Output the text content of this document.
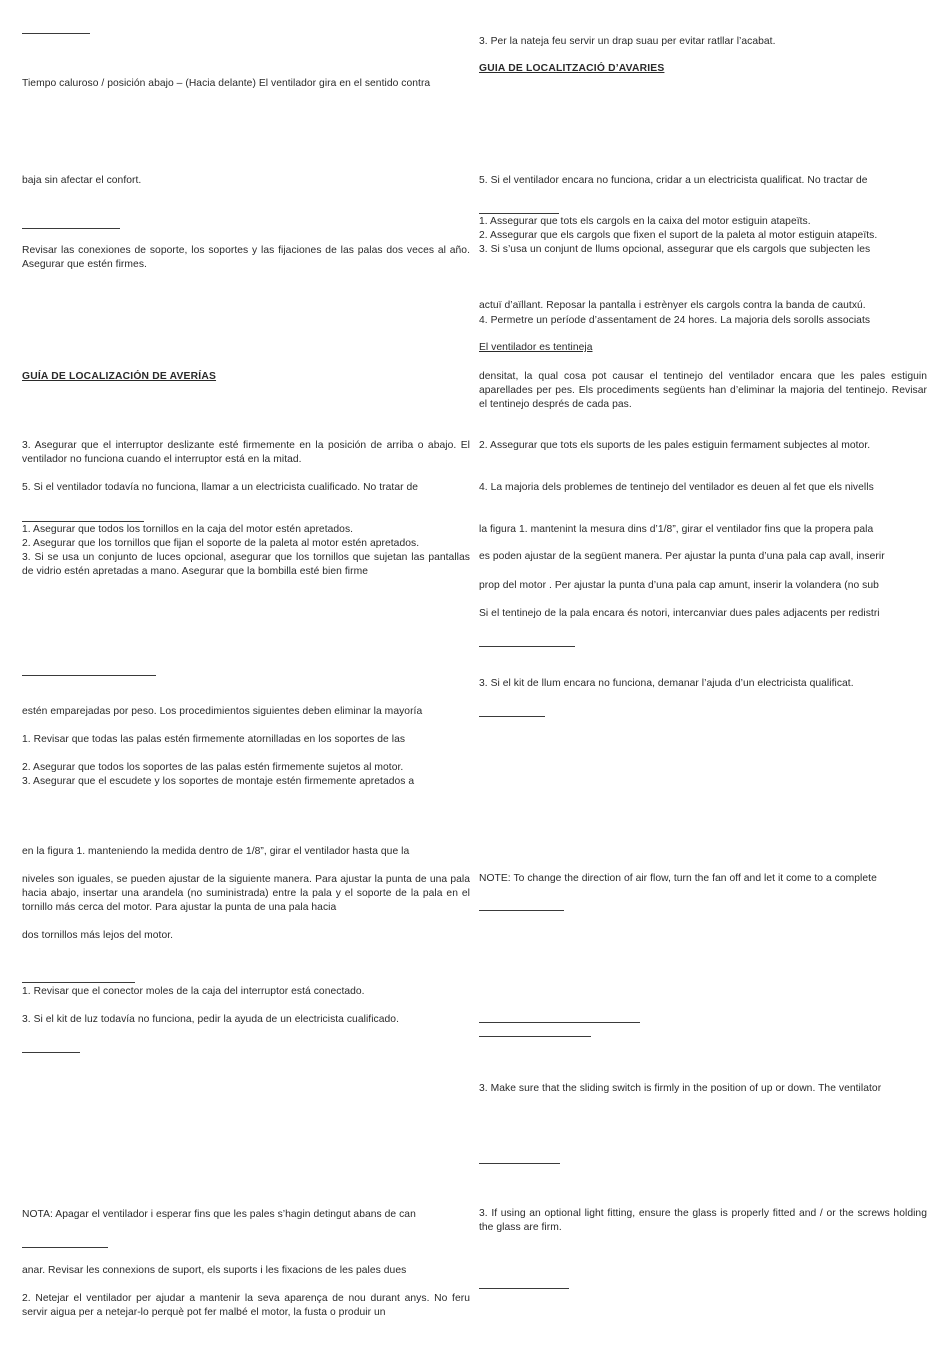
Tiempo caluroso / posición abajo – (Hacia delante) El ventilador gira en el sentido contra
baja sin afectar el confort.
Revisar las conexiones de soporte, los soportes y las fijaciones de las palas dos veces al año. Asegurar que estén firmes.
GUÍA DE LOCALIZACIÓN DE AVERÍAS
3. Asegurar que el interruptor deslizante esté firmemente en la posición de arriba o abajo. El ventilador no funciona cuando el interruptor está en la mitad.
5. Si el ventilador todavía no funciona, llamar a un electricista cualificado. No tratar de
1. Asegurar que todos los tornillos en la caja del motor estén apretados.
2. Asegurar que los tornillos que fijan el soporte de la paleta al motor estén apretados.
3. Si se usa un conjunto de luces opcional, asegurar que los tornillos que sujetan las pantallas de vidrio estén apretadas a mano. Asegurar que la bombilla esté bien firme
estén emparejadas por peso. Los procedimientos siguientes deben eliminar la mayoría
1. Revisar que todas las palas estén firmemente atornilladas en los soportes de las
2. Asegurar que todos los soportes de las palas estén firmemente sujetos al motor.
3. Asegurar que el escudete y los soportes de montaje estén firmemente apretados a
en la figura 1. manteniendo la medida dentro de 1/8”, girar el ventilador hasta que la
niveles son iguales, se pueden ajustar de la siguiente manera. Para ajustar la punta de una pala hacia abajo, insertar una arandela (no suministrada) entre la pala y el soporte de la pala en el tornillo más cerca del motor. Para ajustar la punta de una pala hacia
dos tornillos más lejos del motor.
1. Revisar que el conector moles de la caja del interruptor está conectado.
3. Si el kit de luz todavía no funciona, pedir la ayuda de un electricista cualificado.
NOTA: Apagar el ventilador i esperar fins que les pales s’hagin detingut abans de can
anar. Revisar les connexions de suport, els suports i les fixacions de les pales dues
2. Netejar el ventilador per ajudar a mantenir la seva aparença de nou durant anys. No feru servir aigua per a netejar-lo perquè pot fer malbé el motor, la fusta o produir un
3. Per la nateja feu servir un drap suau per evitar ratllar l’acabat.
GUIA DE LOCALITZACIÓ D’AVARIES
5. Si el ventilador encara no funciona, cridar a un electricista qualificat. No tractar de
1. Assegurar que tots els cargols en la caixa del motor estiguin atapeïts.
2. Assegurar que els cargols que fixen el suport de la paleta al motor estiguin atapeïts.
3. Si s’usa un conjunt de llums opcional, assegurar que els cargols que subjecten les
actuï d’aïllant. Reposar la pantalla i estrènyer els cargols contra la banda de cautxú.
4. Permetre un període d’assentament de 24 hores. La majoria dels sorolls associats
El ventilador es tentineja
densitat, la qual cosa pot causar el tentinejo del ventilador encara que les pales estiguin aparellades per pes. Els procediments següents han d’eliminar la majoria del tentinejo. Revisar el tentinejo després de cada pas.
2. Assegurar que tots els suports de les pales estiguin fermament subjectes al motor.
4. La majoria dels problemes de tentinejo del ventilador es deuen al fet que els nivells
la figura 1. mantenint la mesura dins d’1/8”, girar el ventilador fins que la propera pala
es poden ajustar de la següent manera. Per ajustar la punta d’una pala cap avall, inserir
prop del motor . Per ajustar la punta d’una pala cap amunt, inserir la volandera (no sub
Si el tentinejo de la pala encara és notori, intercanviar dues pales adjacents per redistri
3. Si el kit de llum encara no funciona, demanar l’ajuda d’un electricista qualificat.
NOTE: To change the direction of air flow, turn the fan off and let it come to a complete
3. Make sure that the sliding switch is firmly in the position of up or down. The ventilator
3. If using an optional light fitting, ensure the glass is properly fitted and / or the screws holding the glass are firm.
